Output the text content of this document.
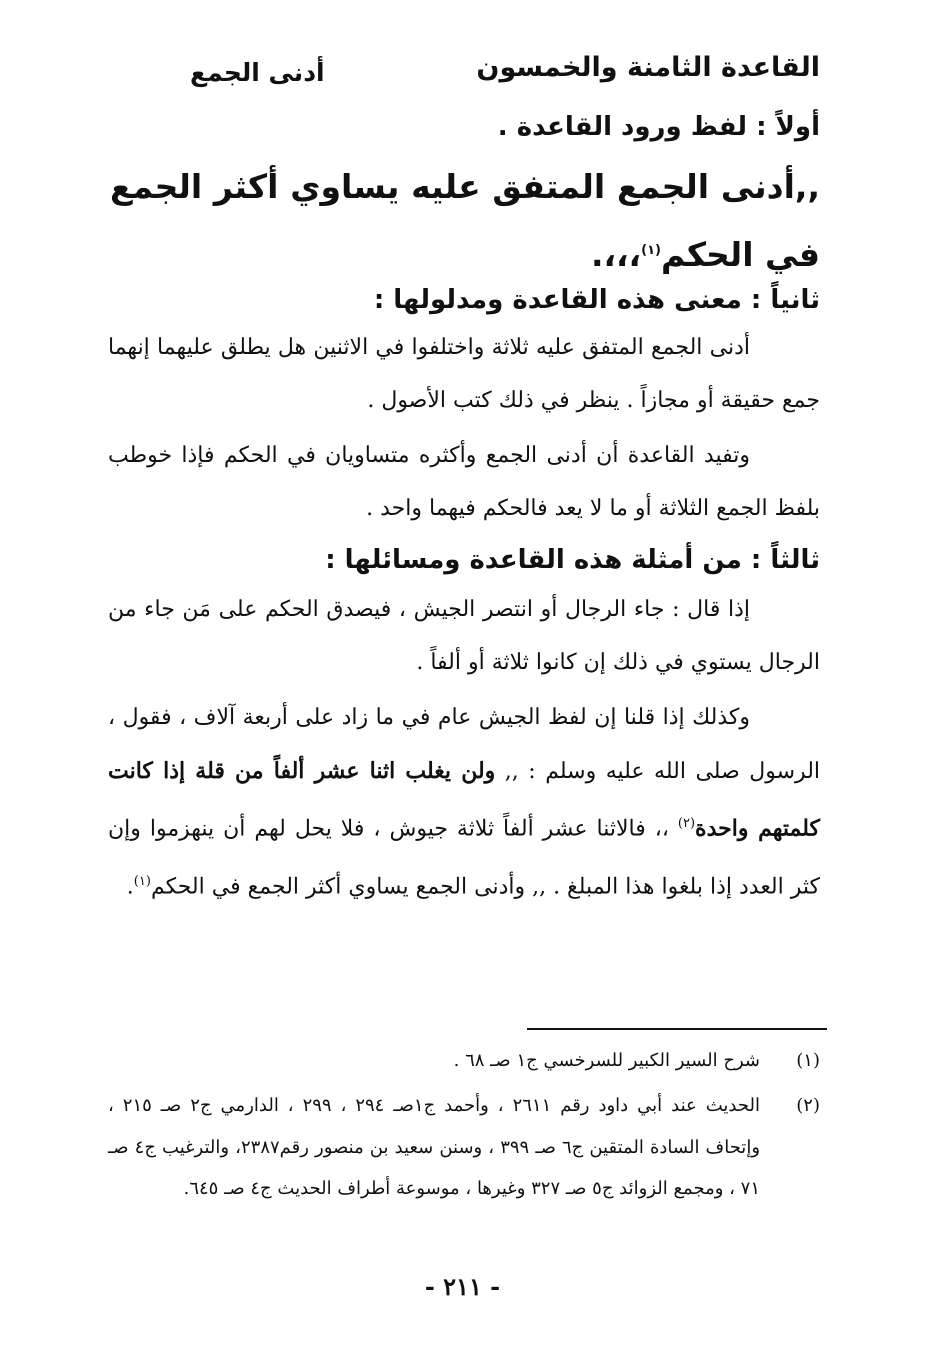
القاعدة الثامنة والخمسون
أدنى الجمع
أولاً : لفظ ورود القاعدة .
,,أدنى الجمع المتفق عليه يساوي أكثر الجمع في الحكم$^{(١)}$،،،.
ثانياً : معنى هذه القاعدة ومدلولها :
أدنى الجمع المتفق عليه ثلاثة واختلفوا في الاثنين هل يطلق عليهما إنهما جمع حقيقة أو مجازاً . ينظر في ذلك كتب الأصول .
وتفيد القاعدة أن أدنى الجمع وأكثره متساويان في الحكم فإذا خوطب بلفظ الجمع الثلاثة أو ما لا يعد فالحكم فيهما واحد .
ثالثاً : من أمثلة هذه القاعدة ومسائلها :
إذا قال : جاء الرجال أو انتصر الجيش ، فيصدق الحكم على مَن جاء من الرجال يستوي في ذلك إن كانوا ثلاثة أو ألفاً .
وكذلك إذا قلنا إن لفظ الجيش عام في ما زاد على أربعة آلاف ، فقول ، الرسول صلى الله عليه وسلم : ,, ولن يغلب اثنا عشر ألفاً من قلة إذا كانت كلمتهم واحدة$^{(٢)}$ ،، فالاثنا عشر ألفاً ثلاثة جيوش ، فلا يحل لهم أن ينهزموا وإن كثر العدد إذا بلغوا هذا المبلغ . ,, وأدنى الجمع يساوي أكثر الجمع في الحكم$^{(١)}$.
(١)
شرح السير الكبير للسرخسي ج١ صـ ٦٨ .
(٢)
الحديث عند أبي داود رقم ٢٦١١ ، وأحمد ج١صـ ٢٩٤ ، ٢٩٩ ، الدارمي ج٢ صـ ٢١٥ ، وإتحاف السادة المتقين ج٦ صـ ٣٩٩ ، وسنن سعيد بن منصور رقم٢٣٨٧، والترغيب ج٤ صـ ٧١ ، ومجمع الزوائد ج٥ صـ ٣٢٧ وغيرها ، موسوعة أطراف الحديث ج٤ صـ ٦٤٥.
- ٢١١ -
